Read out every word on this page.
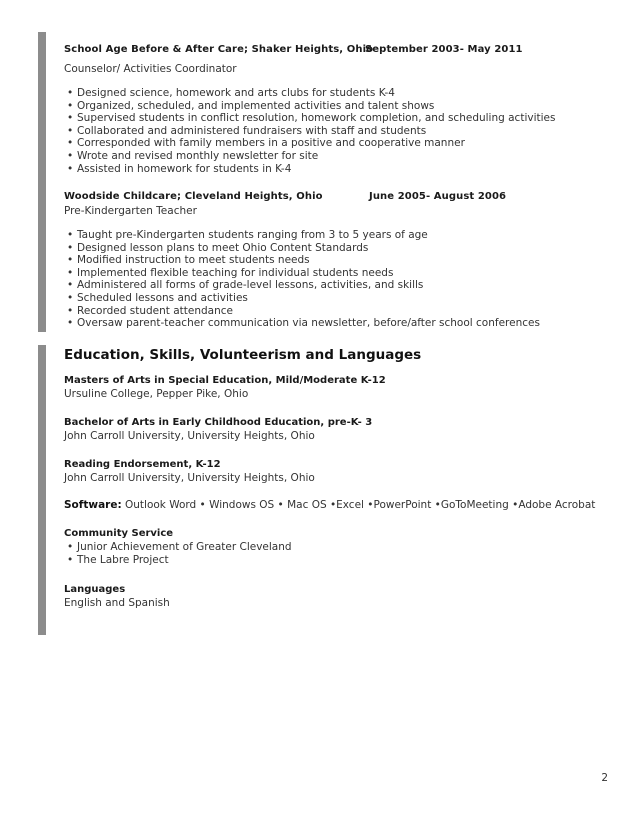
School Age Before & After Care; Shaker Heights, Ohio
September 2003- May 2011
Counselor/ Activities Coordinator
• Designed science, homework and arts clubs for students K-4
• Organized, scheduled, and implemented activities and talent shows
• Supervised students in conflict resolution, homework completion, and scheduling activities
• Collaborated and administered fundraisers with staff and students
• Corresponded with family members in a positive and cooperative manner
• Wrote and revised monthly newsletter for site
• Assisted in homework for students in K-4
Woodside Childcare; Cleveland Heights, Ohio	June 2005- August 2006
Pre-Kindergarten Teacher
• Taught pre-Kindergarten students ranging from 3 to 5 years of age
• Designed lesson plans to meet Ohio Content Standards
• Modified instruction to meet students needs
• Implemented flexible teaching for individual students needs
• Administered all forms of grade-level lessons, activities, and skills
• Scheduled lessons and activities
• Recorded student attendance
• Oversaw parent-teacher communication via newsletter, before/after school conferences
Education, Skills, Volunteerism and Languages
Masters of Arts in Special Education, Mild/Moderate K-12
Ursuline College, Pepper Pike, Ohio
Bachelor of Arts in Early Childhood Education, pre-K- 3
John Carroll University, University Heights, Ohio
Reading Endorsement, K-12
John Carroll University, University Heights, Ohio
Software: Outlook Word • Windows OS • Mac OS •Excel •PowerPoint •GoToMeeting •Adobe Acrobat
Community Service
• Junior Achievement of Greater Cleveland
• The Labre Project
Languages
English and Spanish
2
